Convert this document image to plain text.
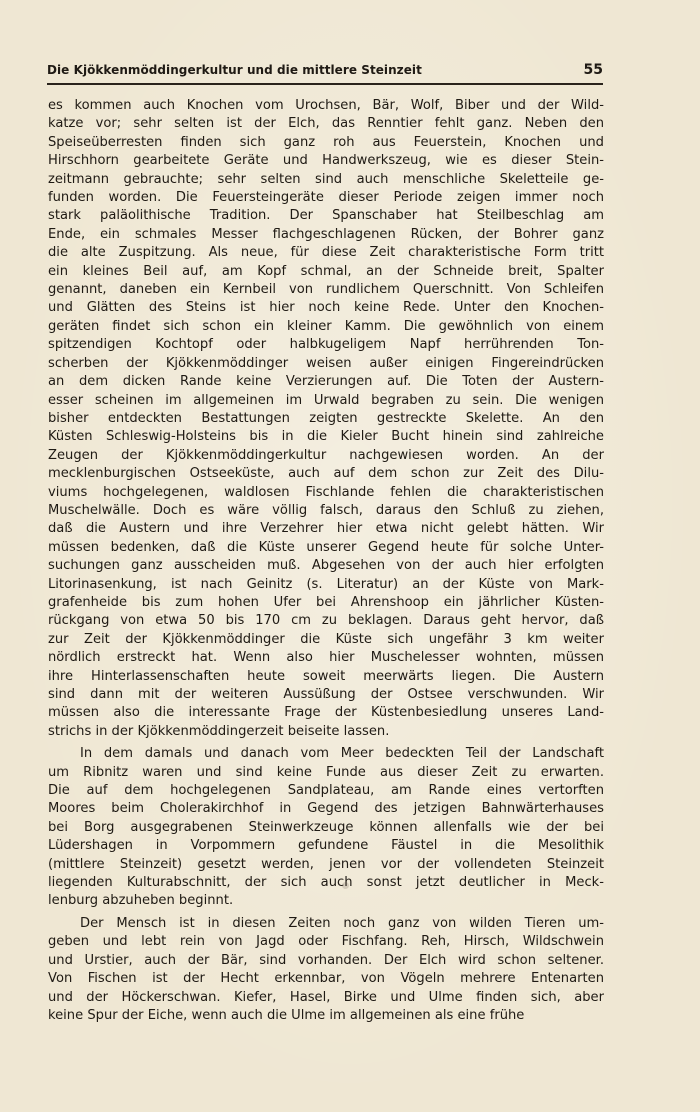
Die Kjökkenmöddingerkultur und die mittlere Steinzeit	55
es kommen auch Knochen vom Urochsen, Bär, Wolf, Biber und der Wild-
katze vor; sehr selten ist der Elch, das Renntier fehlt ganz. Neben den
Speiseüberresten finden sich ganz roh aus Feuerstein, Knochen und
Hirschhorn gearbeitete Geräte und Handwerkszeug, wie es dieser Stein-
zeitmann gebrauchte; sehr selten sind auch menschliche Skeletteile ge-
funden worden. Die Feuersteingeräte dieser Periode zeigen immer noch
stark paläolithische Tradition. Der Spanschaber hat Steilbeschlag am
Ende, ein schmales Messer flachgeschlagenen Rücken, der Bohrer ganz
die alte Zuspitzung. Als neue, für diese Zeit charakteristische Form tritt
ein kleines Beil auf, am Kopf schmal, an der Schneide breit, Spalter
genannt, daneben ein Kernbeil von rundlichem Querschnitt. Von Schleifen
und Glätten des Steins ist hier noch keine Rede. Unter den Knochen-
geräten findet sich schon ein kleiner Kamm. Die gewöhnlich von einem
spitzendigen Kochtopf oder halbkugeligem Napf herrührenden Ton-
scherben der Kjökkenmöddinger weisen außer einigen Fingereindrücken
an dem dicken Rande keine Verzierungen auf. Die Toten der Austern-
esser scheinen im allgemeinen im Urwald begraben zu sein. Die wenigen
bisher entdeckten Bestattungen zeigten gestreckte Skelette. An den
Küsten Schleswig-Holsteins bis in die Kieler Bucht hinein sind zahlreiche
Zeugen der Kjökkenmöddingerkultur nachgewiesen worden. An der
mecklenburgischen Ostseeküste, auch auf dem schon zur Zeit des Dilu-
viums hochgelegenen, waldlosen Fischlande fehlen die charakteristischen
Muschelwälle. Doch es wäre völlig falsch, daraus den Schluß zu ziehen,
daß die Austern und ihre Verzehrer hier etwa nicht gelebt hätten. Wir
müssen bedenken, daß die Küste unserer Gegend heute für solche Unter-
suchungen ganz ausscheiden muß. Abgesehen von der auch hier erfolgten
Litorinasenkung, ist nach Geinitz (s. Literatur) an der Küste von Mark-
grafenheide bis zum hohen Ufer bei Ahrenshoop ein jährlicher Küsten-
rückgang von etwa 50 bis 170 cm zu beklagen. Daraus geht hervor, daß
zur Zeit der Kjökkenmöddinger die Küste sich ungefähr 3 km weiter
nördlich erstreckt hat. Wenn also hier Muschelesser wohnten, müssen
ihre Hinterlassenschaften heute soweit meerwärts liegen. Die Austern
sind dann mit der weiteren Aussüßung der Ostsee verschwunden. Wir
müssen also die interessante Frage der Küstenbesiedlung unseres Land-
strichs in der Kjökkenmöddingerzeit beiseite lassen.
In dem damals und danach vom Meer bedeckten Teil der Landschaft
um Ribnitz waren und sind keine Funde aus dieser Zeit zu erwarten.
Die auf dem hochgelegenen Sandplateau, am Rande eines vertorften
Moores beim Cholerakirchhof in Gegend des jetzigen Bahnwärterhauses
bei Borg ausgegrabenen Steinwerkzeuge können allenfalls wie der bei
Lüdershagen in Vorpommern gefundene Fäustel in die Mesolithik
(mittlere Steinzeit) gesetzt werden, jenen vor der vollendeten Steinzeit
liegenden Kulturabschnitt, der sich auch sonst jetzt deutlicher in Meck-
lenburg abzuheben beginnt.
Der Mensch ist in diesen Zeiten noch ganz von wilden Tieren um-
geben und lebt rein von Jagd oder Fischfang. Reh, Hirsch, Wildschwein
und Urstier, auch der Bär, sind vorhanden. Der Elch wird schon seltener.
Von Fischen ist der Hecht erkennbar, von Vögeln mehrere Entenarten
und der Höckerschwan. Kiefer, Hasel, Birke und Ulme finden sich, aber
keine Spur der Eiche, wenn auch die Ulme im allgemeinen als eine frühe
